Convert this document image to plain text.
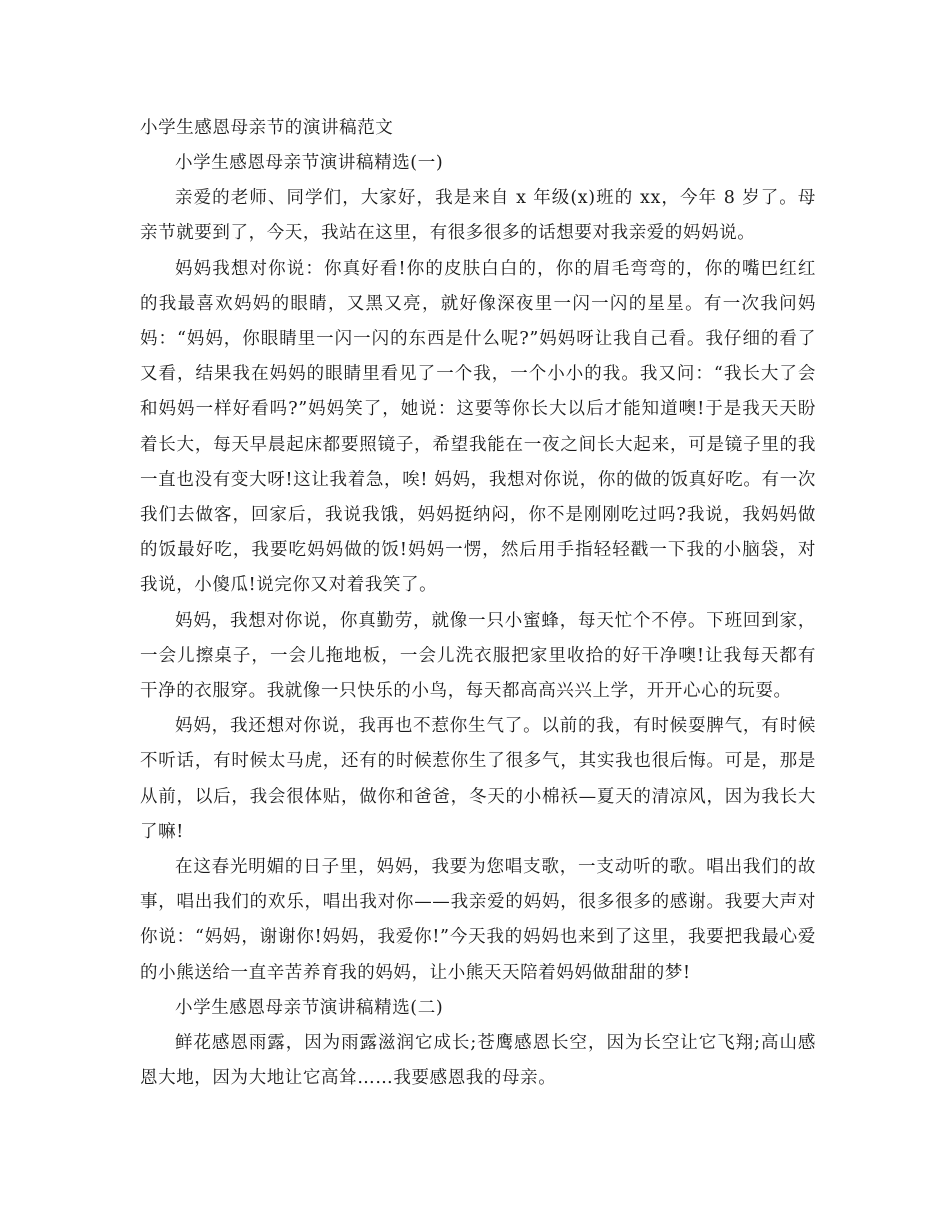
小学生感恩母亲节的演讲稿范文

小学生感恩母亲节演讲稿精选(一)

亲爱的老师、同学们，大家好，我是来自 x 年级(x)班的 xx，今年 8 岁了。母亲节就要到了，今天，我站在这里，有很多很多的话想要对我亲爱的妈妈说。

妈妈我想对你说：你真好看!你的皮肤白白的，你的眉毛弯弯的，你的嘴巴红红的我最喜欢妈妈的眼睛，又黑又亮，就好像深夜里一闪一闪的星星。有一次我问妈妈：“妈妈，你眼睛里一闪一闪的东西是什么呢?”妈妈呀让我自己看。我仔细的看了又看，结果我在妈妈的眼睛里看见了一个我，一个小小的我。我又问：“我长大了会和妈妈一样好看吗?”妈妈笑了，她说：这要等你长大以后才能知道噢!于是我天天盼着长大，每天早晨起床都要照镜子，希望我能在一夜之间长大起来，可是镜子里的我一直也没有变大呀!这让我着急，唉! 妈妈，我想对你说，你的做的饭真好吃。有一次我们去做客，回家后，我说我饿，妈妈挺纳闷，你不是刚刚吃过吗?我说，我妈妈做的饭最好吃，我要吃妈妈做的饭!妈妈一愣，然后用手指轻轻戳一下我的小脑袋，对我说，小傻瓜!说完你又对着我笑了。

妈妈，我想对你说，你真勤劳，就像一只小蜜蜂，每天忙个不停。下班回到家，一会儿擦桌子，一会儿拖地板，一会儿洗衣服把家里收拾的好干净噢!让我每天都有干净的衣服穿。我就像一只快乐的小鸟，每天都高高兴兴上学，开开心心的玩耍。

妈妈，我还想对你说，我再也不惹你生气了。以前的我，有时候耍脾气，有时候不听话，有时候太马虎，还有的时候惹你生了很多气，其实我也很后悔。可是，那是从前，以后，我会很体贴，做你和爸爸，冬天的小棉袄—夏天的清凉风，因为我长大了嘛!

在这春光明媚的日子里，妈妈，我要为您唱支歌，一支动听的歌。唱出我们的故事，唱出我们的欢乐，唱出我对你——我亲爱的妈妈，很多很多的感谢。我要大声对你说：“妈妈，谢谢你!妈妈，我爱你!”今天我的妈妈也来到了这里，我要把我最心爱的小熊送给一直辛苦养育我的妈妈，让小熊天天陪着妈妈做甜甜的梦!

小学生感恩母亲节演讲稿精选(二)

鲜花感恩雨露，因为雨露滋润它成长;苍鹰感恩长空，因为长空让它飞翔;高山感恩大地，因为大地让它高耸……我要感恩我的母亲。
